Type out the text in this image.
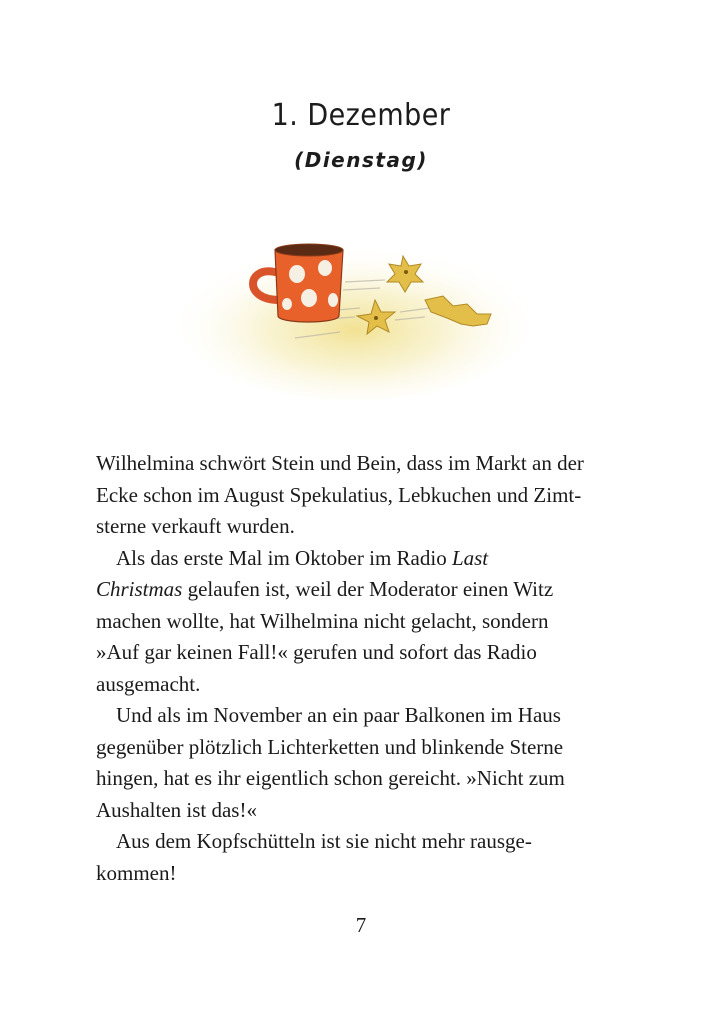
1. Dezember
(Dienstag)
Wilhelmina schwört Stein und Bein, dass im Markt an der
Ecke schon im August Spekulatius, Lebkuchen und Zimt-
sterne verkauft wurden.
Als das erste Mal im Oktober im Radio Last
Christmas gelaufen ist, weil der Moderator einen Witz
machen wollte, hat Wilhelmina nicht gelacht, sondern
»Auf gar keinen Fall!« gerufen und sofort das Radio
ausgemacht.
Und als im November an ein paar Balkonen im Haus
gegenüber plötzlich Lichterketten und blinkende Sterne
hingen, hat es ihr eigentlich schon gereicht. »Nicht zum
Aushalten ist das!«
Aus dem Kopfschütteln ist sie nicht mehr rausge-
kommen!
7
